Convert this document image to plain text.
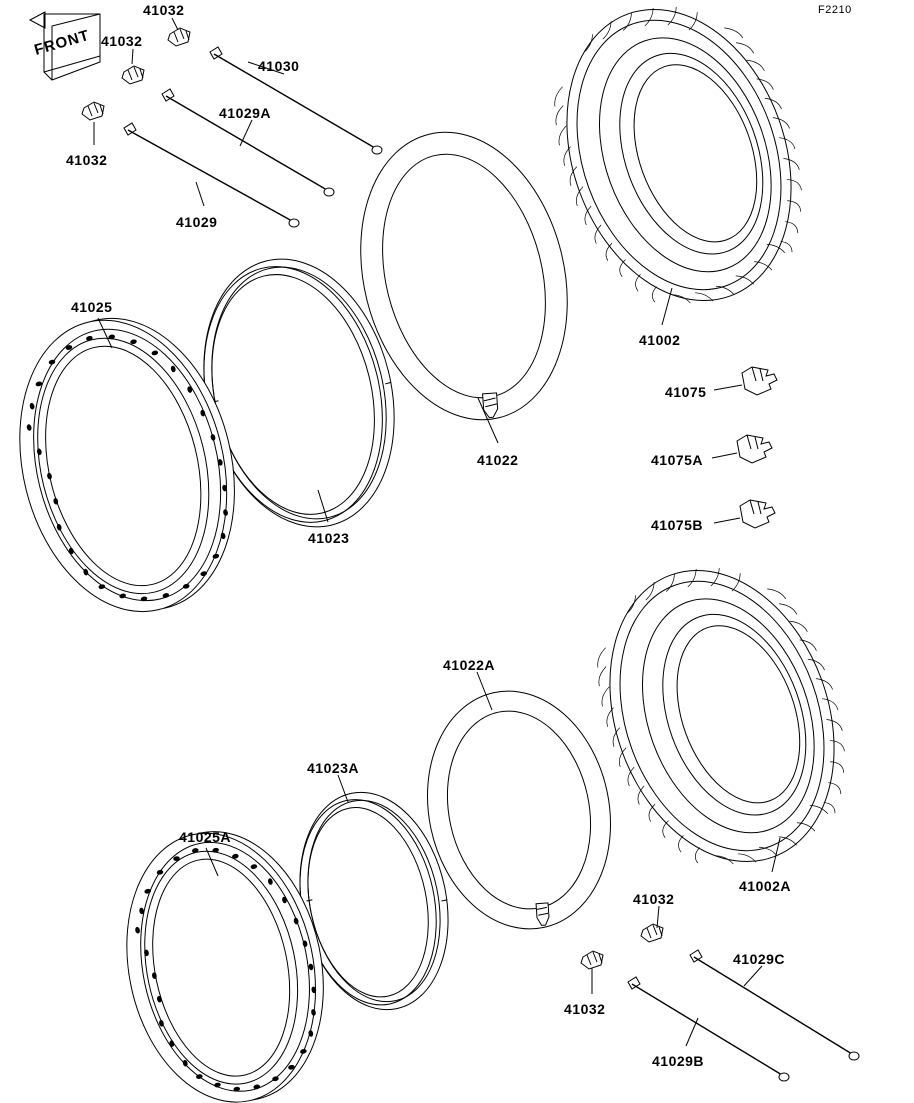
FRONT
F2210
41032
41032
41030
41029A
41032
41029
41002
41025
41022
41023
41075
41075A
41075B
41022A
41023A
41025A
41002A
41032
41032
41029C
41029B
